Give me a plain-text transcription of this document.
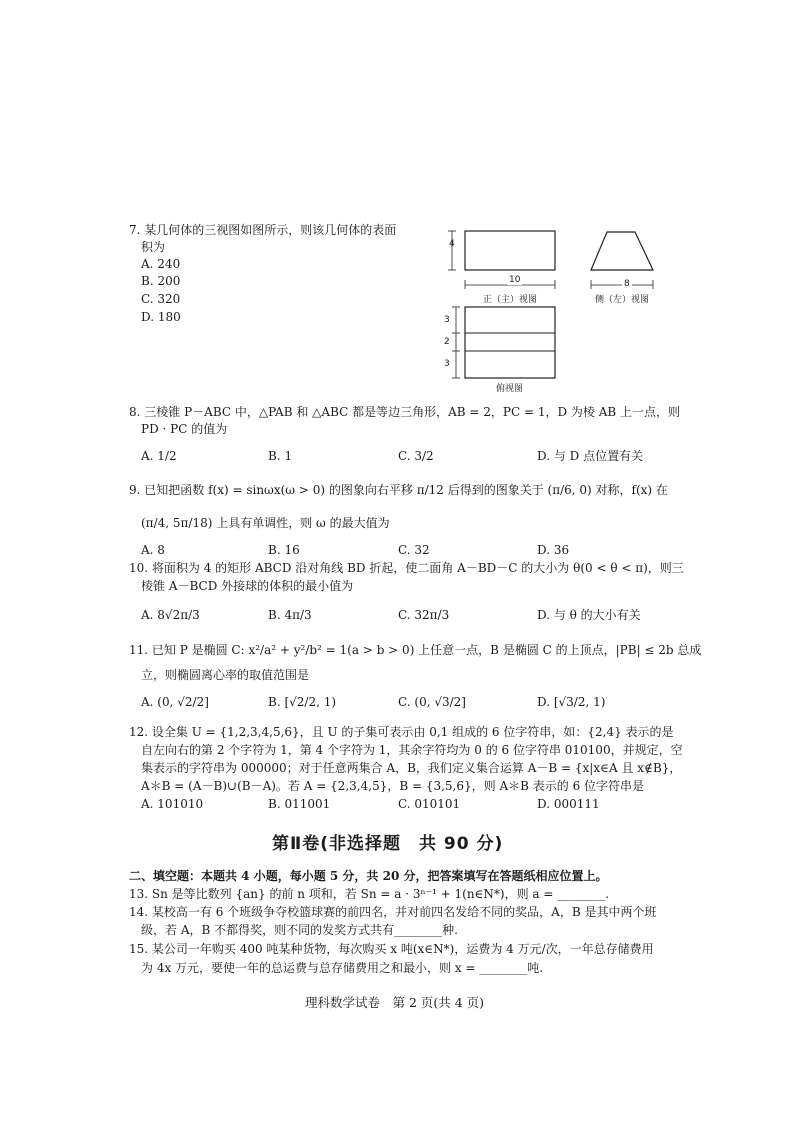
7. 某几何体的三视图如图所示，则该几何体的表面
积为
A. 240
B. 200
C. 320
D. 180
4
10
正（主）视图
8
侧（左）视图
3
2
3
俯视图
8. 三棱锥 P－ABC 中，△PAB 和 △ABC 都是等边三角形，AB = 2，PC = 1，D 为棱 AB 上一点，则
PD · PC 的值为
A. 1/2	B. 1	C. 3/2	D. 与 D 点位置有关
9. 已知把函数 f(x) = sinωx(ω > 0) 的图象向右平移 π/12 后得到的图象关于 (π/6, 0) 对称，f(x) 在
(π/4, 5π/18) 上具有单调性，则 ω 的最大值为
A. 8	B. 16	C. 32	D. 36
10. 将面积为 4 的矩形 ABCD 沿对角线 BD 折起，使二面角 A－BD－C 的大小为 θ(0 < θ < π)，则三
棱锥 A－BCD 外接球的体积的最小值为
A. 8√2π/3	B. 4π/3	C. 32π/3	D. 与 θ 的大小有关
11. 已知 P 是椭圆 C: x²/a² + y²/b² = 1(a > b > 0) 上任意一点，B 是椭圆 C 的上顶点，|PB| ≤ 2b 总成
立，则椭圆离心率的取值范围是
A. (0, √2/2]	B. [√2/2, 1)	C. (0, √3/2]	D. [√3/2, 1)
12. 设全集 U = {1,2,3,4,5,6}，且 U 的子集可表示由 0,1 组成的 6 位字符串，如：{2,4} 表示的是
自左向右的第 2 个字符为 1，第 4 个字符为 1，其余字符均为 0 的 6 位字符串 010100，并规定，空
集表示的字符串为 000000；对于任意两集合 A，B，我们定义集合运算 A－B = {x|x∈A 且 x∉B}，
A＊B = (A－B)∪(B－A)。若 A = {2,3,4,5}，B = {3,5,6}，则 A＊B 表示的 6 位字符串是
A. 101010	B. 011001	C. 010101	D. 000111
第Ⅱ卷(非选择题　共 90 分)
二、填空题：本题共 4 小题，每小题 5 分，共 20 分，把答案填写在答题纸相应位置上。
13. Sn 是等比数列 {an} 的前 n 项和，若 Sn = a · 3ⁿ⁻¹ + 1(n∈N*)，则 a = ________.
14. 某校高一有 6 个班级争夺校篮球赛的前四名，并对前四名发给不同的奖品，A，B 是其中两个班
级，若 A，B 不都得奖，则不同的发奖方式共有________种.
15. 某公司一年购买 400 吨某种货物，每次购买 x 吨(x∈N*)，运费为 4 万元/次，一年总存储费用
为 4x 万元，要使一年的总运费与总存储费用之和最小，则 x = ________吨.
理科数学试卷　第 2 页(共 4 页)
